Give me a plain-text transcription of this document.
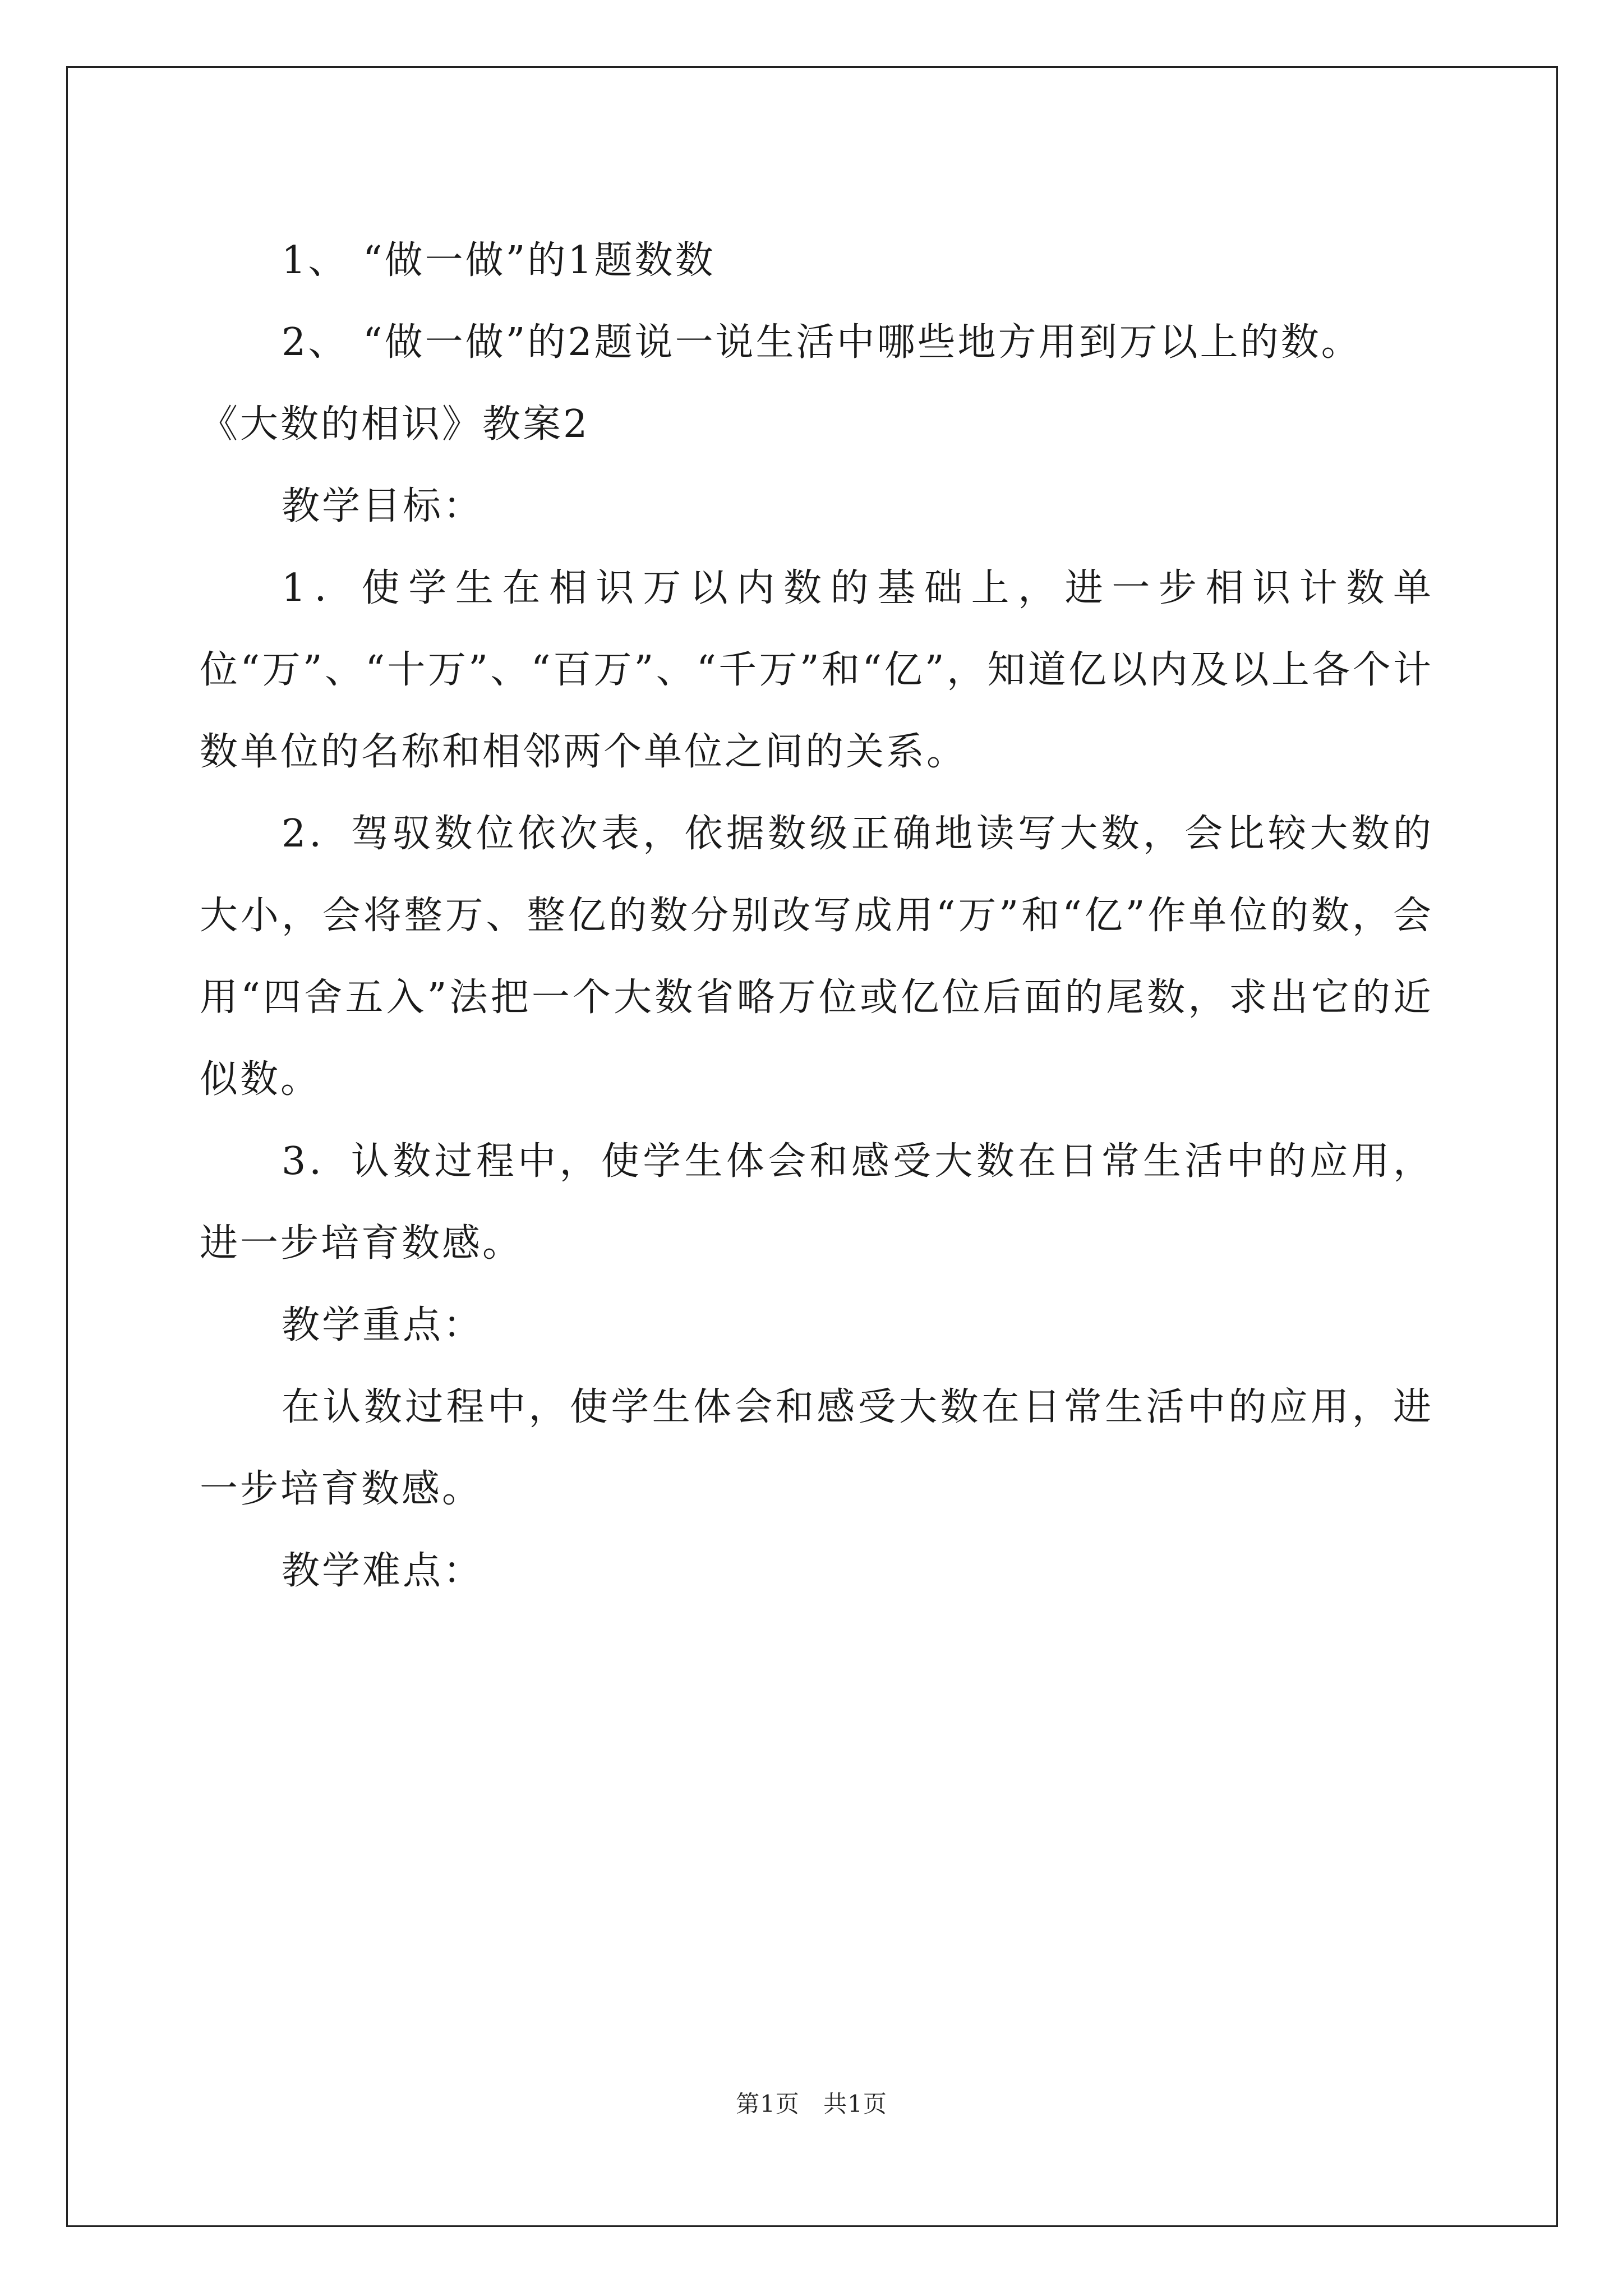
1、 “做一做”的1题数数

2、 “做一做”的2题说一说生活中哪些地方用到万以上的数。

《大数的相识》教案2

教学目标：

1．使学生在相识万以内数的基础上，进一步相识计数单位“万”、“十万”、“百万”、“千万”和“亿”，知道亿以内及以上各个计数单位的名称和相邻两个单位之间的关系。

2．驾驭数位依次表，依据数级正确地读写大数，会比较大数的大小，会将整万、整亿的数分别改写成用“万”和“亿”作单位的数，会用“四舍五入”法把一个大数省略万位或亿位后面的尾数，求出它的近似数。

3．认数过程中，使学生体会和感受大数在日常生活中的应用，进一步培育数感。

教学重点：

在认数过程中，使学生体会和感受大数在日常生活中的应用，进一步培育数感。

教学难点：

第1页 共1页
